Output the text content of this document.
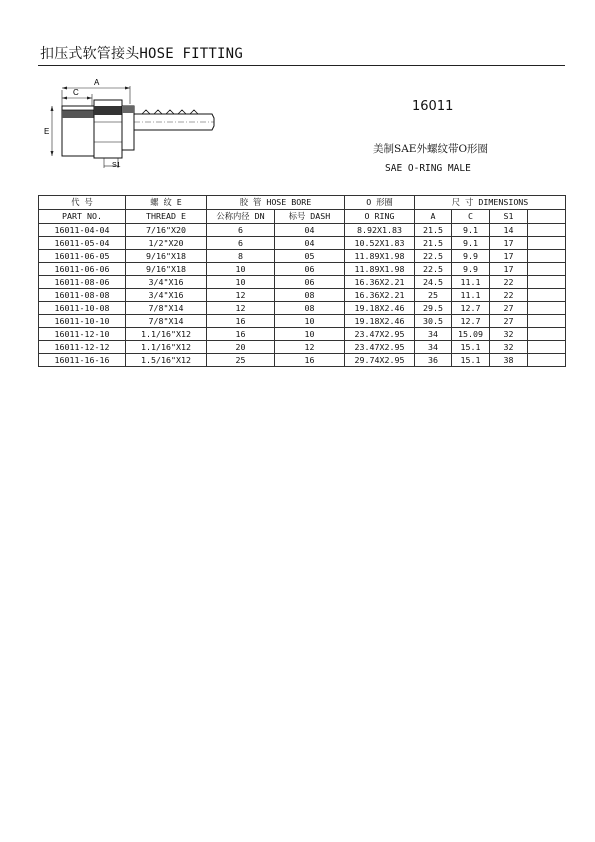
扣压式软管接头HOSE FITTING
A
C
E
S1
16011
美制SAE外螺纹带O形圈
SAE O-RING MALE
代 号	螺 纹 E	胶 管 HOSE BORE		O 形圈	尺 寸 DIMENSIONS			
PART NO.	THREAD E	公称内径 DN	标号 DASH	O RING	A	C	S1	
16011-04-04	7/16"X20	6	04	8.92X1.83	21.5	9.1	14	
16011-05-04	1/2"X20	6	04	10.52X1.83	21.5	9.1	17	
16011-06-05	9/16"X18	8	05	11.89X1.98	22.5	9.9	17	
16011-06-06	9/16"X18	10	06	11.89X1.98	22.5	9.9	17	
16011-08-06	3/4"X16	10	06	16.36X2.21	24.5	11.1	22	
16011-08-08	3/4"X16	12	08	16.36X2.21	25	11.1	22	
16011-10-08	7/8"X14	12	08	19.18X2.46	29.5	12.7	27	
16011-10-10	7/8"X14	16	10	19.18X2.46	30.5	12.7	27	
16011-12-10	1.1/16"X12	16	10	23.47X2.95	34	15.09	32	
16011-12-12	1.1/16"X12	20	12	23.47X2.95	34	15.1	32	
16011-16-16	1.5/16"X12	25	16	29.74X2.95	36	15.1	38	
